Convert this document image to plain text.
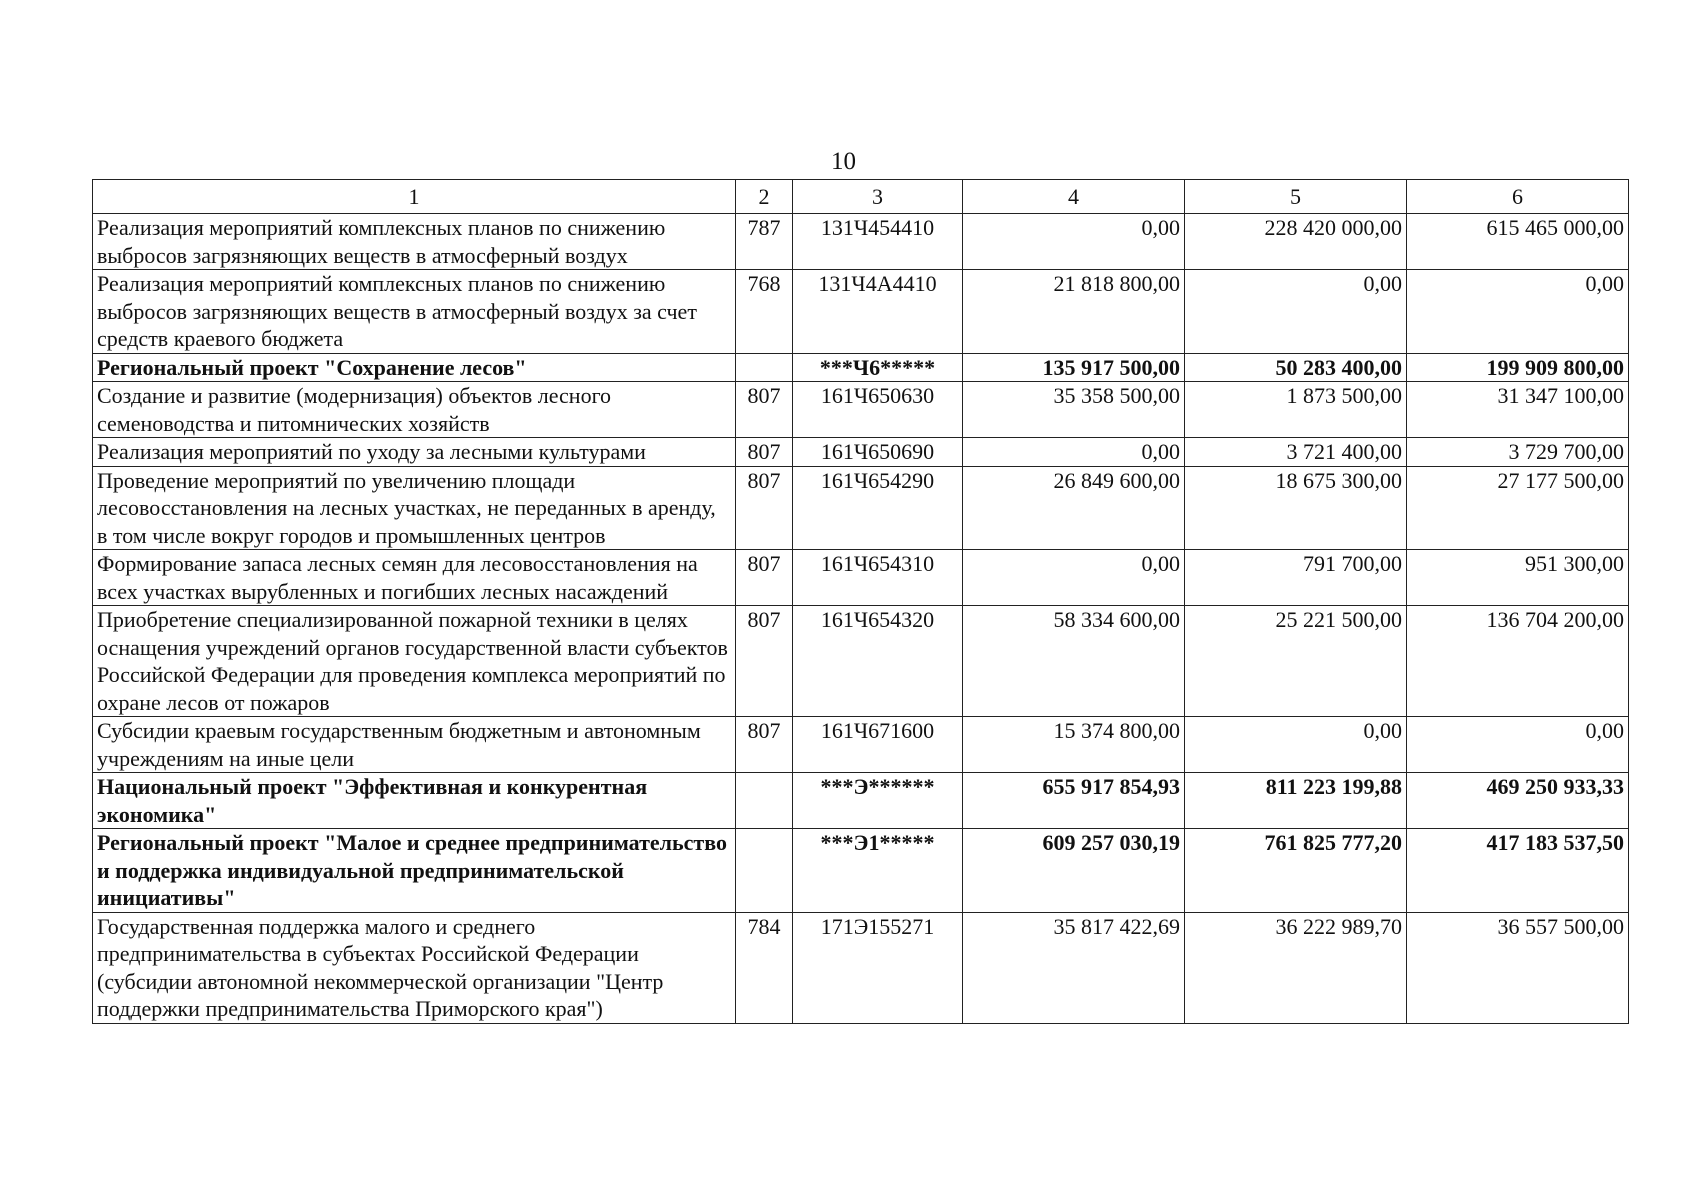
10
1	2	3	4	5	6
Реализация мероприятий комплексных планов по снижению выбросов загрязняющих веществ в атмосферный воздух	787	131Ч454410	0,00	228 420 000,00	615 465 000,00
Реализация мероприятий комплексных планов по снижению выбросов загрязняющих веществ в атмосферный воздух за счет средств краевого бюджета	768	131Ч4А4410	21 818 800,00	0,00	0,00
Региональный проект "Сохранение лесов"		***Ч6*****	135 917 500,00	50 283 400,00	199 909 800,00
Создание и развитие (модернизация) объектов лесного семеноводства и питомнических хозяйств	807	161Ч650630	35 358 500,00	1 873 500,00	31 347 100,00
Реализация мероприятий по уходу за лесными культурами	807	161Ч650690	0,00	3 721 400,00	3 729 700,00
Проведение мероприятий по увеличению площади лесовосстановления на лесных участках, не переданных в аренду, в том числе вокруг городов и промышленных центров	807	161Ч654290	26 849 600,00	18 675 300,00	27 177 500,00
Формирование запаса лесных семян для лесовосстановления на всех участках вырубленных и погибших лесных насаждений	807	161Ч654310	0,00	791 700,00	951 300,00
Приобретение специализированной пожарной техники в целях оснащения учреждений органов государственной власти субъектов Российской Федерации для проведения комплекса мероприятий по охране лесов от пожаров	807	161Ч654320	58 334 600,00	25 221 500,00	136 704 200,00
Субсидии краевым государственным бюджетным и автономным учреждениям на иные цели	807	161Ч671600	15 374 800,00	0,00	0,00
Национальный проект "Эффективная и конкурентная экономика"		***Э******	655 917 854,93	811 223 199,88	469 250 933,33
Региональный проект "Малое и среднее предпринимательство и поддержка индивидуальной предпринимательской инициативы"		***Э1*****	609 257 030,19	761 825 777,20	417 183 537,50
Государственная поддержка малого и среднего предпринимательства в субъектах Российской Федерации (субсидии автономной некоммерческой организации "Центр поддержки предпринимательства Приморского края")	784	171Э155271	35 817 422,69	36 222 989,70	36 557 500,00
